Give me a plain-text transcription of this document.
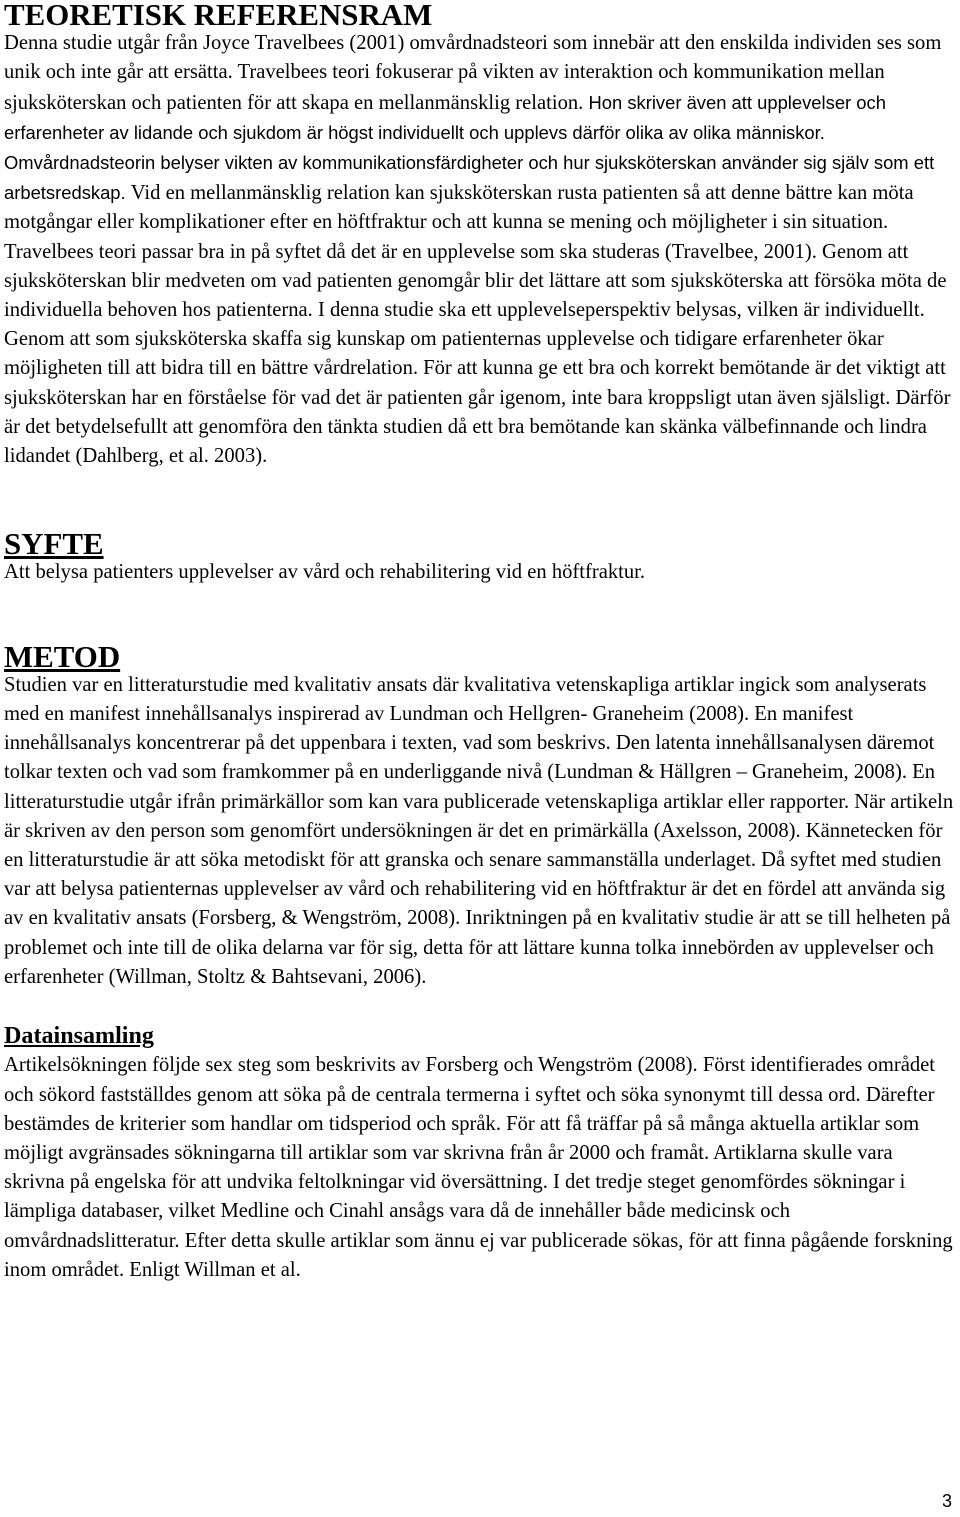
TEORETISK REFERENSRAM

Denna studie utgår från Joyce Travelbees (2001) omvårdnadsteori som innebär att den enskilda individen ses som unik och inte går att ersätta. Travelbees teori fokuserar på vikten av interaktion och kommunikation mellan sjuksköterskan och patienten för att skapa en mellanmänsklig relation. Hon skriver även att upplevelser och erfarenheter av lidande och sjukdom är högst individuellt och upplevs därför olika av olika människor. Omvårdnadsteorin belyser vikten av kommunikationsfärdigheter och hur sjuksköterskan använder sig själv som ett arbetsredskap. Vid en mellanmänsklig relation kan sjuksköterskan rusta patienten så att denne bättre kan möta motgångar eller komplikationer efter en höftfraktur och att kunna se mening och möjligheter i sin situation. Travelbees teori passar bra in på syftet då det är en upplevelse som ska studeras (Travelbee, 2001). Genom att sjuksköterskan blir medveten om vad patienten genomgår blir det lättare att som sjuksköterska att försöka möta de individuella behoven hos patienterna. I denna studie ska ett upplevelseperspektiv belysas, vilken är individuellt. Genom att som sjuksköterska skaffa sig kunskap om patienternas upplevelse och tidigare erfarenheter ökar möjligheten till att bidra till en bättre vårdrelation. För att kunna ge ett bra och korrekt bemötande är det viktigt att sjuksköterskan har en förståelse för vad det är patienten går igenom, inte bara kroppsligt utan även själsligt. Därför är det betydelsefullt att genomföra den tänkta studien då ett bra bemötande kan skänka välbefinnande och lindra lidandet (Dahlberg, et al. 2003).

SYFTE

Att belysa patienters upplevelser av vård och rehabilitering vid en höftfraktur.

METOD

Studien var en litteraturstudie med kvalitativ ansats där kvalitativa vetenskapliga artiklar ingick som analyserats med en manifest innehållsanalys inspirerad av Lundman och Hellgren- Graneheim (2008). En manifest innehållsanalys koncentrerar på det uppenbara i texten, vad som beskrivs. Den latenta innehållsanalysen däremot tolkar texten och vad som framkommer på en underliggande nivå (Lundman & Hällgren – Graneheim, 2008). En litteraturstudie utgår ifrån primärkällor som kan vara publicerade vetenskapliga artiklar eller rapporter. När artikeln är skriven av den person som genomfört undersökningen är det en primärkälla (Axelsson, 2008). Kännetecken för en litteraturstudie är att söka metodiskt för att granska och senare sammanställa underlaget. Då syftet med studien var att belysa patienternas upplevelser av vård och rehabilitering vid en höftfraktur är det en fördel att använda sig av en kvalitativ ansats (Forsberg, & Wengström, 2008). Inriktningen på en kvalitativ studie är att se till helheten på problemet och inte till de olika delarna var för sig, detta för att lättare kunna tolka innebörden av upplevelser och erfarenheter (Willman, Stoltz & Bahtsevani, 2006).

Datainsamling

Artikelsökningen följde sex steg som beskrivits av Forsberg och Wengström (2008). Först identifierades området och sökord fastställdes genom att söka på de centrala termerna i syftet och söka synonymt till dessa ord. Därefter bestämdes de kriterier som handlar om tidsperiod och språk. För att få träffar på så många aktuella artiklar som möjligt avgränsades sökningarna till artiklar som var skrivna från år 2000 och framåt. Artiklarna skulle vara skrivna på engelska för att undvika feltolkningar vid översättning. I det tredje steget genomfördes sökningar i lämpliga databaser, vilket Medline och Cinahl ansågs vara då de innehåller både medicinsk och omvårdnadslitteratur. Efter detta skulle artiklar som ännu ej var publicerade sökas, för att finna pågående forskning inom området. Enligt Willman et al.

3
